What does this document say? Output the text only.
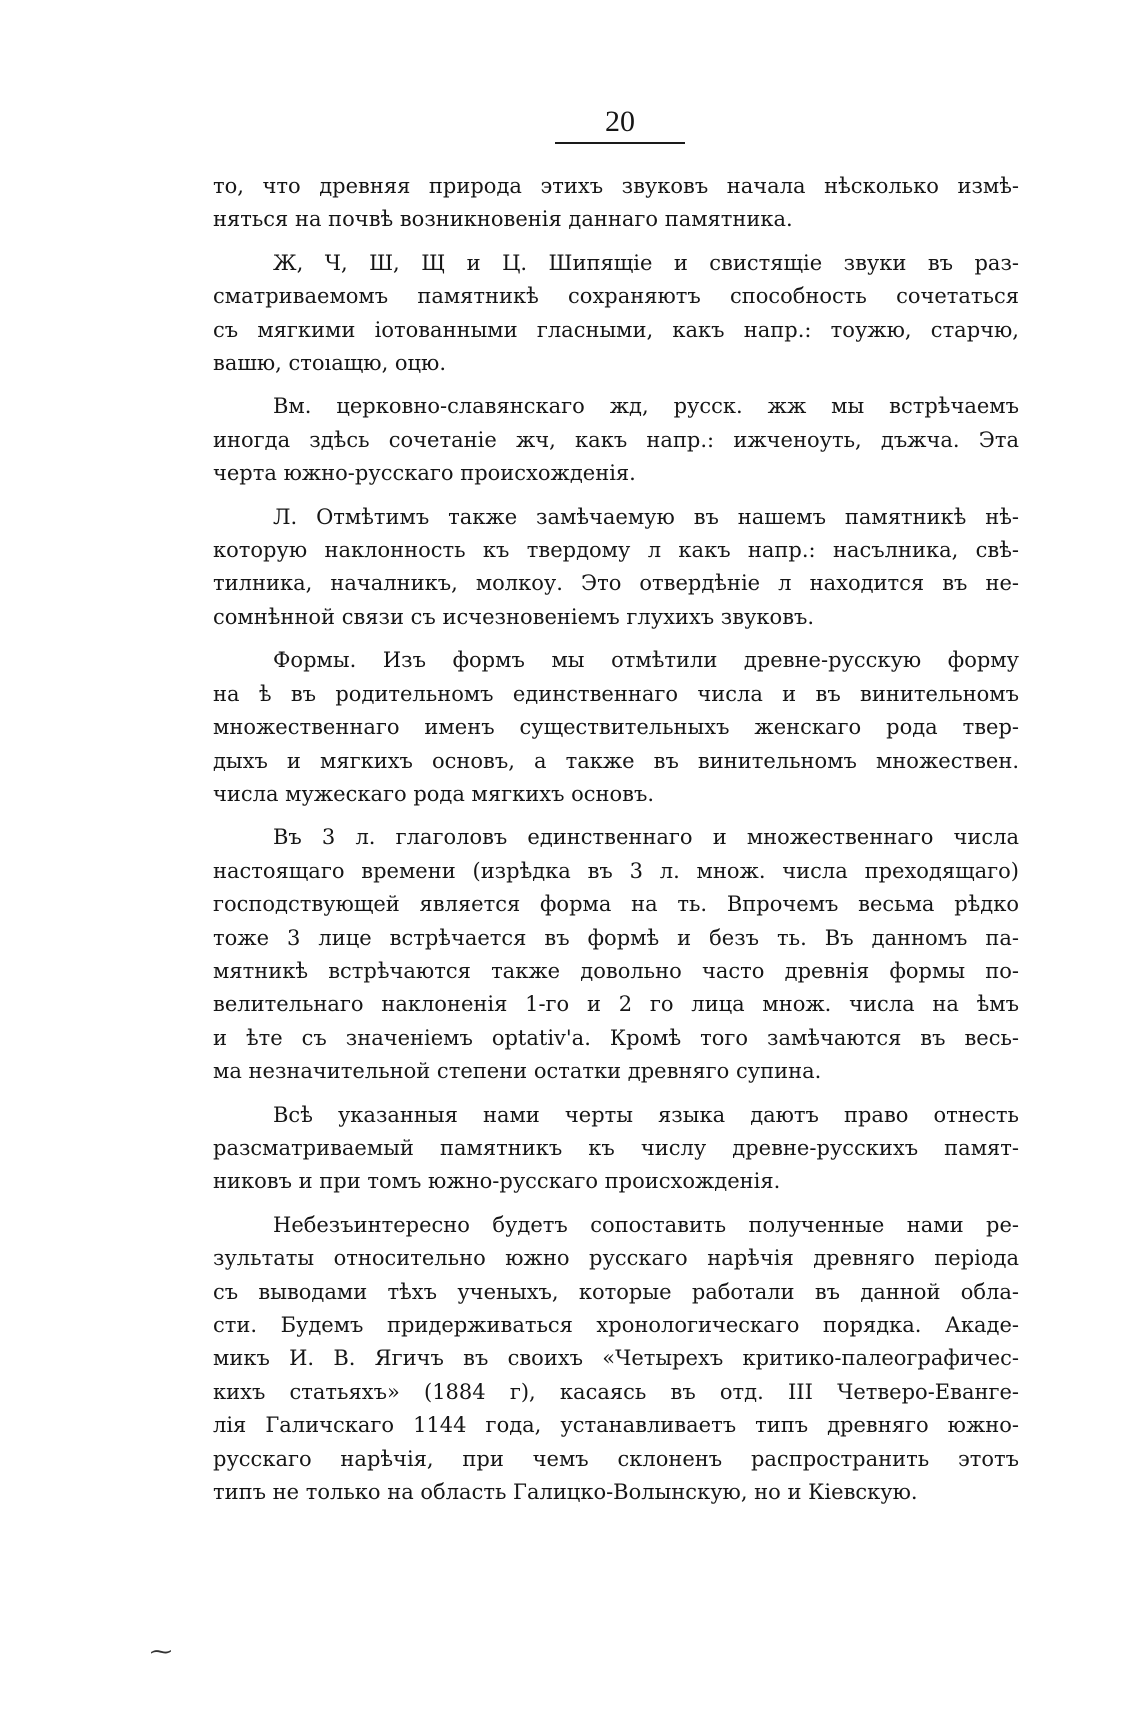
20
то, что древняя природа этихъ звуковъ начала нѣсколько измѣ-
няться на почвѣ возникновенія даннаго памятника.
Ж, Ч, Ш, Щ и Ц. Шипящіе и свистящіе звуки въ раз-
сматриваемомъ памятникѣ сохраняютъ способность сочетаться
съ мягкими іотованными гласными, какъ напр.: тоужю, старчю,
вашю, стоıащю, оцю.
Вм. церковно-славянскаго жд, русск. жж мы встрѣчаемъ
иногда здѣсь сочетаніе жч, какъ напр.: ижченоуть, дъжча. Эта
черта южно-русскаго происхожденія.
Л. Отмѣтимъ также замѣчаемую въ нашемъ памятникѣ нѣ-
которую наклонность къ твердому л какъ напр.: насълника, свѣ-
тилника, началникъ, молкоу. Это отвердѣніе л находится въ не-
сомнѣнной связи съ исчезновеніемъ глухихъ звуковъ.
Формы. Изъ формъ мы отмѣтили древне-русскую форму
на ѣ въ родительномъ единственнаго числа и въ винительномъ
множественнаго именъ существительныхъ женскаго рода твер-
дыхъ и мягкихъ основъ, а также въ винительномъ множествен.
числа мужескаго рода мягкихъ основъ.
Въ 3 л. глаголовъ единственнаго и множественнаго числа
настоящаго времени (изрѣдка въ 3 л. множ. числа преходящаго)
господствующей является форма на ть. Впрочемъ весьма рѣдко
тоже 3 лице встрѣчается въ формѣ и безъ ть. Въ данномъ па-
мятникѣ встрѣчаются также довольно часто древнія формы по-
велительнаго наклоненія 1-го и 2 го лица множ. числа на ѣмъ
и ѣте съ значеніемъ optativ'a. Кромѣ того замѣчаются въ весь-
ма незначительной степени остатки древняго супина.
Всѣ указанныя нами черты языка даютъ право отнесть
разсматриваемый памятникъ къ числу древне-русскихъ памят-
никовъ и при томъ южно-русскаго происхожденія.
Небезъинтересно будетъ сопоставить полученные нами ре-
зультаты относительно южно русскаго нарѣчія древняго періода
съ выводами тѣхъ ученыхъ, которые работали въ данной обла-
сти. Будемъ придерживаться хронологическаго порядка. Акаде-
микъ И. В. Ягичъ въ своихъ «Четырехъ критико-палеографичес-
кихъ статьяхъ» (1884 г), касаясь въ отд. III Четверо-Еванге-
лія Галичскаго 1144 года, устанавливаетъ типъ древняго южно-
русскаго нарѣчія, при чемъ склоненъ распространить этотъ
типъ не только на область Галицко-Волынскую, но и Кіевскую.
⁓
